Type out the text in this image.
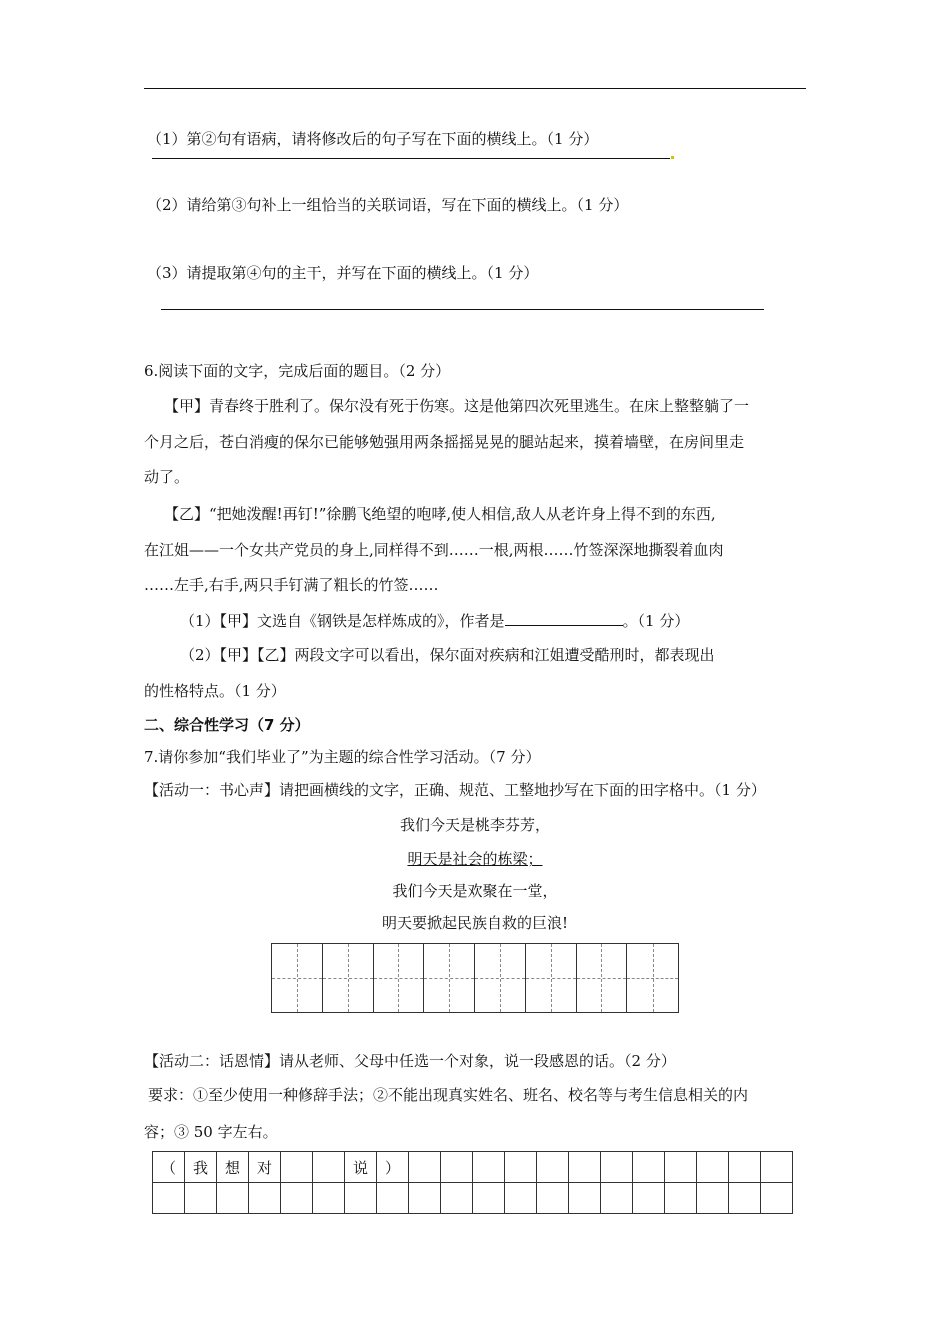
（1）第②句有语病，请将修改后的句子写在下面的横线上。（1 分）
（2）请给第③句补上一组恰当的关联词语，写在下面的横线上。（1 分）
（3）请提取第④句的主干，并写在下面的横线上。（1 分）
6.阅读下面的文字，完成后面的题目。（2 分）
【甲】青春终于胜利了。保尔没有死于伤寒。这是他第四次死里逃生。在床上整整躺了一
个月之后，苍白消瘦的保尔已能够勉强用两条摇摇晃晃的腿站起来，摸着墙壁，在房间里走
动了。
【乙】“把她泼醒!再钉!”徐鹏飞绝望的咆哮,使人相信,敌人从老许身上得不到的东西,
在江姐——一个女共产党员的身上,同样得不到……一根,两根……竹签深深地撕裂着血肉
……左手,右手,两只手钉满了粗长的竹签……
（1）【甲】文选自《钢铁是怎样炼成的》，作者是	。（1 分）
（2）【甲】【乙】两段文字可以看出，保尔面对疾病和江姐遭受酷刑时，都表现出
的性格特点。（1 分）
二、综合性学习（7 分）
7.请你参加“我们毕业了”为主题的综合性学习活动。（7 分）
【活动一：书心声】请把画横线的文字，正确、规范、工整地抄写在下面的田字格中。（1 分）
我们今天是桃李芬芳，
明天是社会的栋梁；
我们今天是欢聚在一堂，
明天要掀起民族自救的巨浪!
【活动二：话恩情】请从老师、父母中任选一个对象，说一段感恩的话。（2 分）
要求：①至少使用一种修辞手法；②不能出现真实姓名、班名、校名等与考生信息相关的内
容；③ 50 字左右。
（	我	想	对			说	）												
